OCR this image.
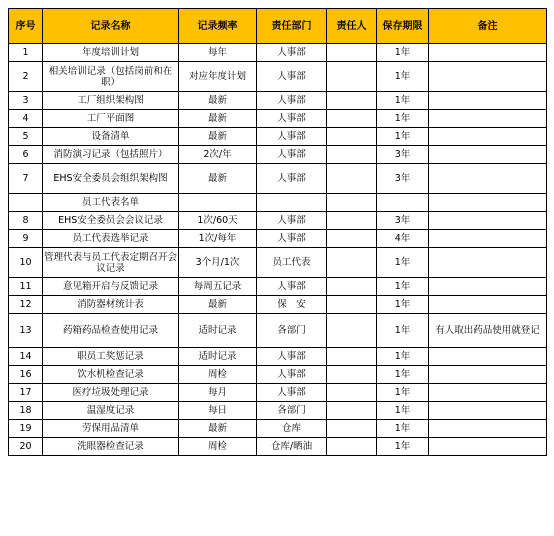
序号	记录名称	记录频率	责任部门	责任人	保存期限	备注
1	年度培训计划	每年	人事部		1年	
2	相关培训记录（包括岗前和在职）	对应年度计划	人事部		1年	
3	工厂组织架构图	最新	人事部		1年	
4	工厂平面图	最新	人事部		1年	
5	设备清单	最新	人事部		1年	
6	消防演习记录（包括照片）	2次/年	人事部		3年	
7	EHS安全委员会组织架构图	最新	人事部		3年	
	员工代表名单					
8	EHS安全委员会会议记录	1次/60天	人事部		3年	
9	员工代表选举记录	1次/每年	人事部		4年	
10	管理代表与员工代表定期召开会议记录	3个月/1次	员工代表		1年	
11	意见箱开启与反馈记录	每周五记录	人事部		1年	
12	消防器材统计表	最新	保　安		1年	
13	药箱药品检查使用记录	适时记录	各部门		1年	有人取出药品使用就登记
14	职员工奖惩记录	适时记录	人事部		1年	
16	饮水机检查记录	周检	人事部		1年	
17	医疗垃圾处理记录	每月	人事部		1年	
18	温湿度记录	每日	各部门		1年	
19	劳保用品清单	最新	仓库		1年	
20	洗眼器检查记录	周检	仓库/晒油		1年	
